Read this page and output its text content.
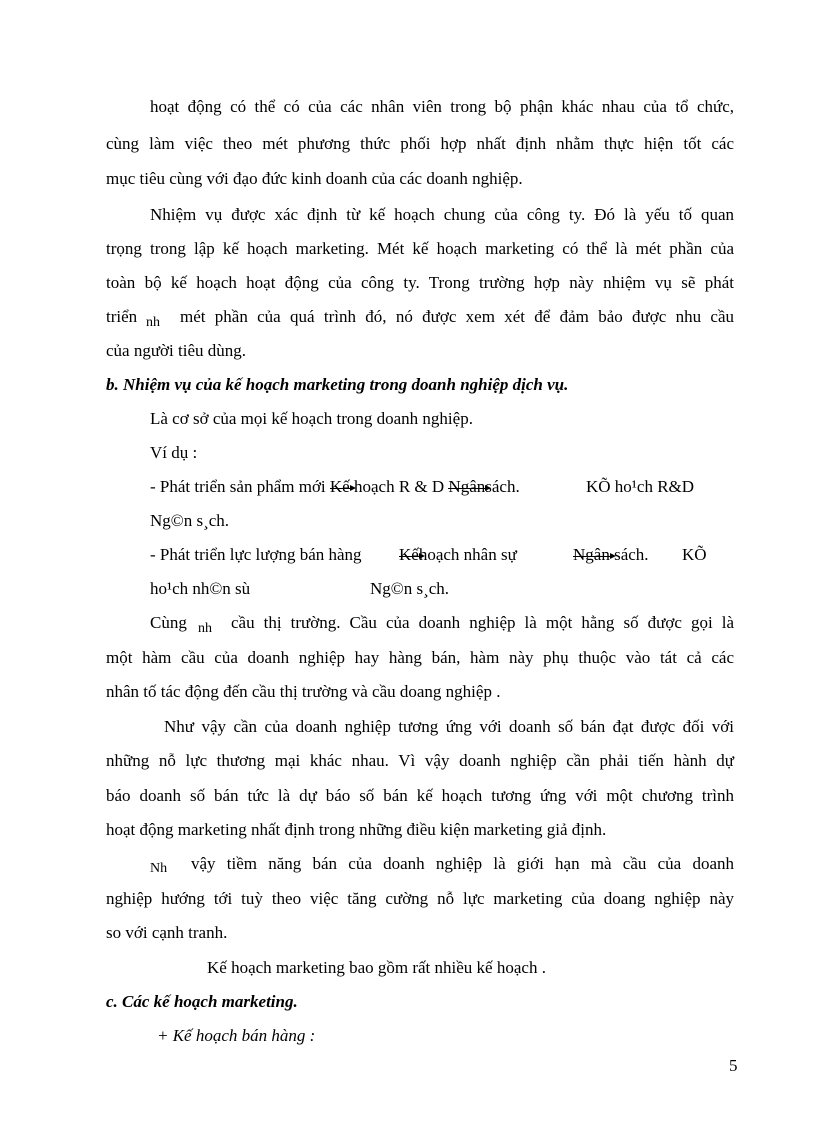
hoạt động có thể có của các nhân viên trong bộ phận khác nhau của tổ chức,
cùng làm việc theo mét phương thức phối hợp nhất định nhằm thực hiện tốt các
mục tiêu cùng với đạo đức kinh doanh của các doanh nghiệp.
Nhiệm vụ được xác định từ kế hoạch chung của công ty. Đó là yếu tố quan
trọng trong lập kế hoạch marketing. Mét kế hoạch marketing có thể là mét phần của
toàn bộ kế hoạch hoạt động của công ty. Trong trường hợp này nhiệm vụ sẽ phát
triển nh mét phần của quá trình đó, nó được xem xét để đảm bảo được nhu cầu
của người tiêu dùng.
b. Nhiệm vụ của kế hoạch marketing trong doanh nghiệp dịch vụ.
Là cơ sở của mọi kế hoạch trong doanh nghiệp.
Ví dụ :
- Phát triển sản phẩm mới Kế hoạch R & D Ngânsách.	KÕ ho¹ch R&D
Ng©n s¸ch.
- Phát triển lực lượng bán hàng Kếhoạch nhân sự	Ngân sách. KÕ
ho¹ch nh©n sù	Ng©n s¸ch.
Cùng nh cầu thị trường. Cầu của doanh nghiệp là một hằng số được gọi là
một hàm cầu của doanh nghiệp hay hàng bán, hàm này phụ thuộc vào tát cả các
nhân tố tác động đến cầu thị trường và cầu doang nghiệp .
Như vậy cần của doanh nghiệp tương ứng với doanh số bán đạt được đối với
những nỗ lực thương mại khác nhau. Vì vậy doanh nghiệp cần phải tiến hành dự
báo doanh số bán tức là dự báo số bán kế hoạch tương ứng với một chương trình
hoạt động marketing nhất định trong những điều kiện marketing giả định.
Nh vậy tiềm năng bán của doanh nghiệp là giới hạn mà cầu của doanh
nghiệp hướng tới tuỳ theo việc tăng cường nỗ lực marketing của doang nghiệp này
so với cạnh tranh.
Kế hoạch marketing bao gồm rất nhiều kế hoạch .
c. Các kế hoạch marketing.
+ Kế hoạch bán hàng :
5
